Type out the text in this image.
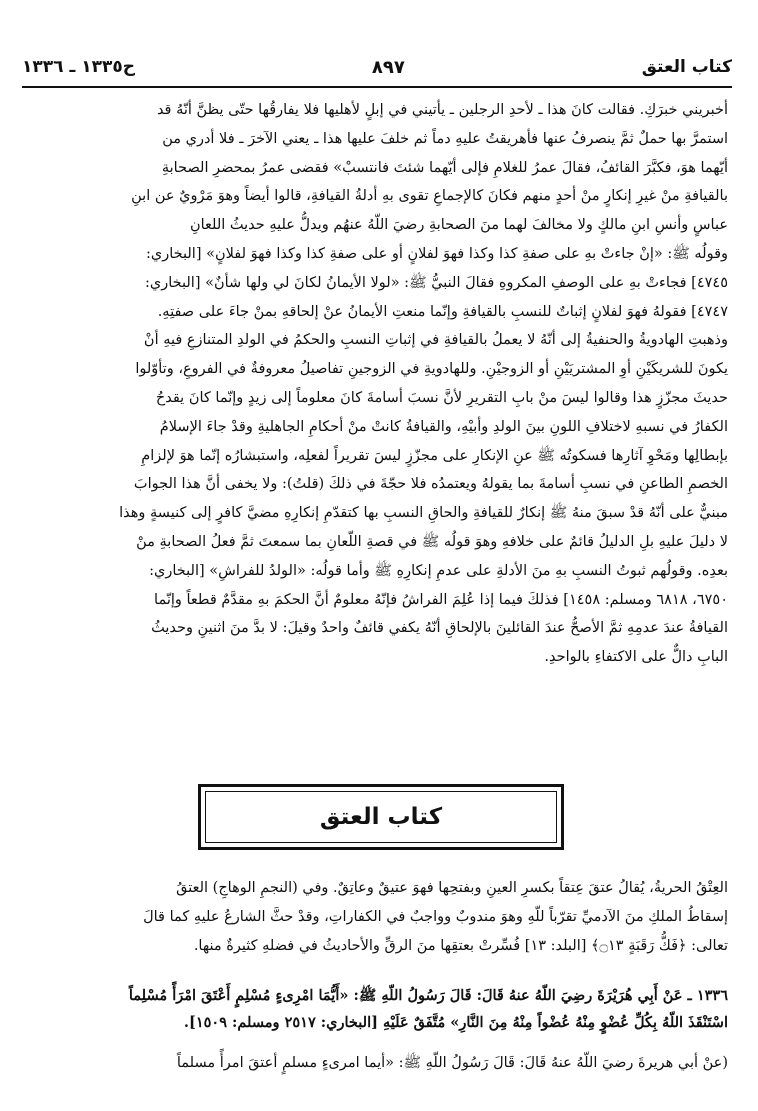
كتاب العتق
٨٩٧
ح١٣٣٥ ـ ١٣٣٦

أخبريني خبرَكِ. فقالت كانَ هذا ـ لأحدِ الرجلين ـ يأتيني في إبلٍ لأهليها فلا يفارقُها حتّى يظنَّ أنّهُ قد

استمرَّ بها حملٌ ثمَّ ينصرفُ عنها فأهريقتُ عليهِ دماً ثم خلفَ عليها هذا ـ يعني الآخرَ ـ فلا أدري من

أيّهما هوَ، فكبَّرَ القائفُ، فقالَ عمرُ للغلامِ فإلى أيّهما شئتَ فانتسبْ» فقضى عمرُ بمحضرِ الصحابةِ

بالقيافةِ منْ غيرِ إنكارٍ منْ أحدٍ منهم فكانَ كالإجماعِ تقوى بهِ أدلةُ القيافةِ، قالوا أيضاً وهوَ مَرْويٌ عن ابنِ

عباسٍ وأنسِ ابنِ مالكٍ ولا مخالفَ لهما منَ الصحابةِ رضيَ اللّهُ عنهُم ويدلُّ عليهِ حديثُ اللعانِ

وقولُه ﷺ: «إنْ جاءتْ بهِ على صفةِ كذا وكذا فهوَ لفلانٍ أو على صفةِ كذا وكذا فهوَ لفلانٍ» [البخاري:

٤٧٤٥] فجاءتْ بهِ على الوصفِ المكروهِ فقالَ النبيُّ ﷺ: «لولا الأيمانُ لكانَ لي ولها شأنٌ» [البخاري:

٤٧٤٧] فقولهُ فهوَ لفلانٍ إثباتٌ للنسبِ بالقيافةِ وإنّما منعتِ الأيمانُ عنْ إلحاقهِ بمنْ جاءَ على صفتِهِ.

وذهبتِ الهادويةُ والحنفيةُ إلى أنّهُ لا يعملُ بالقيافةِ في إثباتِ النسبِ والحكمُ في الولدِ المتنازعِ فيهِ أنْ

يكونَ للشريكَيْنِ أوِ المشتريَيْنِ أو الزوجيْنِ. وللهادويةِ في الزوجينِ تفاصيلُ معروفةٌ في الفروعِ، وتأوّلوا

حديثَ مجزّزٍ هذا وقالوا ليسَ منْ بابِ التقريرِ لأنَّ نسبَ أسامةَ كانَ معلوماً إلى زيدٍ وإنّما كانَ يقدحُ

الكفارُ في نسبهِ لاختلافِ اللونِ بينَ الولدِ وأبيْهِ، والقيافةُ كانتْ منْ أحكامِ الجاهليةِ وقدْ جاءَ الإسلامُ

بإبطالِها ومَحْوِ آثارِها فسكوتُه ﷺ عنِ الإنكارِ على مجزّزٍ ليسَ تقريراً لفعلِه، واستبشارُه إنّما هوَ لإلزامِ

الخصمِ الطاعنِ في نسبِ أسامةَ بما يقولهُ ويعتمدُه فلا حجّةَ في ذلكَ (قلتُ): ولا يخفى أنَّ هذا الجوابَ

مبنيٌّ على أنّهُ قدْ سبقَ منهُ ﷺ إنكارٌ للقيافةِ والحاقِ النسبِ بها كتقدّمِ إنكارِهِ مضيَّ كافرٍ إلى كنيسةٍ وهذا

لا دليلَ عليهِ بلِ الدليلُ قائمٌ على خلافهِ وهوَ قولُه ﷺ في قصةِ اللّعانِ بما سمعتَ ثمَّ فعلُ الصحابةِ منْ

بعدِه. وقولُهم ثبوتُ النسبِ بهِ منَ الأدلةِ على عدمِ إنكارِهِ ﷺ وأما قولُه: «الولدُ للفراشِ» [البخاري:

٦٧٥٠، ٦٨١٨ ومسلم: ١٤٥٨] فذلكَ فيما إذا عُلِمَ الفراشُ فإنّهُ معلومٌ أنَّ الحكمَ بهِ مقدَّمٌ قطعاً وإنّما

القيافةُ عندَ عدمِهِ ثمَّ الأصحُّ عندَ القائلينَ بالإلحاقِ أنّهُ يكفي قائفٌ واحدٌ وقيلَ: لا بدَّ منَ اثنينِ وحديثُ

البابِ دالٌّ على الاكتفاءِ بالواحدِ.

كتاب العتق

العِتْقُ الحريةُ، يُقالُ عتقَ عِتقاً بكسرِ العينِ وبفتحِها فهوَ عتيقٌ وعاتِقٌ. وفي (النجمِ الوهاجِ) العتقُ

إسقاطُ الملكِ منَ الآدميِّ تقرّباً للّهِ وهوَ مندوبٌ وواجبٌ في الكفاراتِ، وقدْ حثَّ الشارعُ عليهِ كما قالَ

تعالى: ﴿فَكُّ رَقَبَةٍ ۝١٣﴾ [البلد: ١٣] فُسِّرتْ بعتقِها منَ الرقِّ والأحاديثُ في فضلهِ كثيرةٌ منها.

١٣٣٦ ـ عَنْ أَبِي هُرَيْرَةَ رضِيَ اللّهُ عنهُ قَالَ: قَالَ رَسُولُ اللّهِ ﷺ: «أَيُّمَا امْرِىءٍ مُسْلِمٍ أَعْتَقَ امْرَأً مُسْلِماً

اسْتَنْقَذَ اللّهُ بِكُلِّ عُضْوٍ مِنْهُ عُضْواً مِنْهُ مِنَ النَّارِ» مُتَّفَقٌ عَلَيْهِ [البخاري: ٢٥١٧ ومسلم: ١٥٠٩].

(عنْ أبي هريرةَ رضيَ اللّهُ عنهُ قَالَ: قَالَ رَسُولُ اللّهِ ﷺ: «أيما امرىءٍ مسلمٍ أعتقَ امرأً مسلماً
